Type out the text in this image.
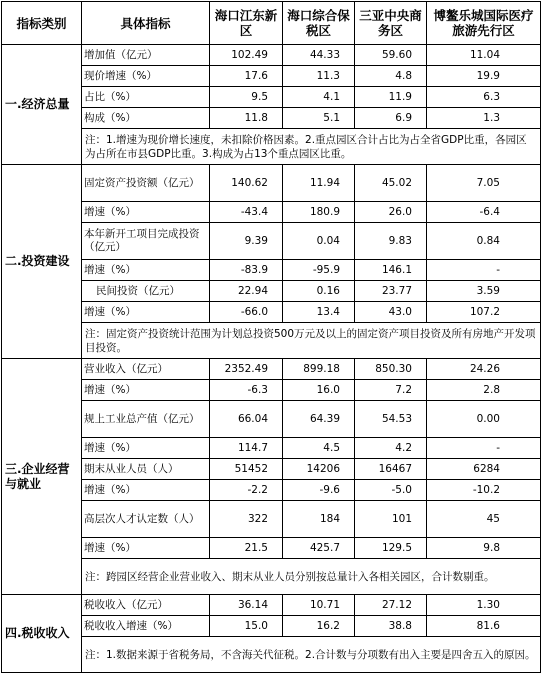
指标类别	具体指标	海口江东新区	海口综合保税区	三亚中央商务区	博鳌乐城国际医疗旅游先行区
一.经济总量	增加值（亿元）	102.49	44.33	59.60	11.04
	现价增速（%）	17.6	11.3	4.8	19.9
	占比（%）	9.5	4.1	11.9	6.3
	构成（%）	11.8	5.1	6.9	1.3
	注：1.增速为现价增长速度，未扣除价格因素。2.重点园区合计占比为占全省GDP比重，各园区为占所在市县GDP比重。3.构成为占13个重点园区比重。				
二.投资建设	固定资产投资额（亿元）	140.62	11.94	45.02	7.05
	增速（%）	-43.4	180.9	26.0	-6.4
	本年新开工项目完成投资（亿元）	9.39	0.04	9.83	0.84
	增速（%）	-83.9	-95.9	146.1	-
	民间投资（亿元）	22.94	0.16	23.77	3.59
	增速（%）	-66.0	13.4	43.0	107.2
	注：固定资产投资统计范围为计划总投资500万元及以上的固定资产项目投资及所有房地产开发项目投资。				
三.企业经营与就业	营业收入（亿元）	2352.49	899.18	850.30	24.26
	增速（%）	-6.3	16.0	7.2	2.8
	规上工业总产值（亿元）	66.04	64.39	54.53	0.00
	增速（%）	114.7	4.5	4.2	-
	期末从业人员（人）	51452	14206	16467	6284
	增速（%）	-2.2	-9.6	-5.0	-10.2
	高层次人才认定数（人）	322	184	101	45
	增速（%）	21.5	425.7	129.5	9.8
	注：跨园区经营企业营业收入、期末从业人员分别按总量计入各相关园区，合计数剔重。				
四.税收收入	税收收入（亿元）	36.14	10.71	27.12	1.30
	税收收入增速（%）	15.0	16.2	38.8	81.6
	注：1.数据来源于省税务局，不含海关代征税。2.合计数与分项数有出入主要是四舍五入的原因。				
